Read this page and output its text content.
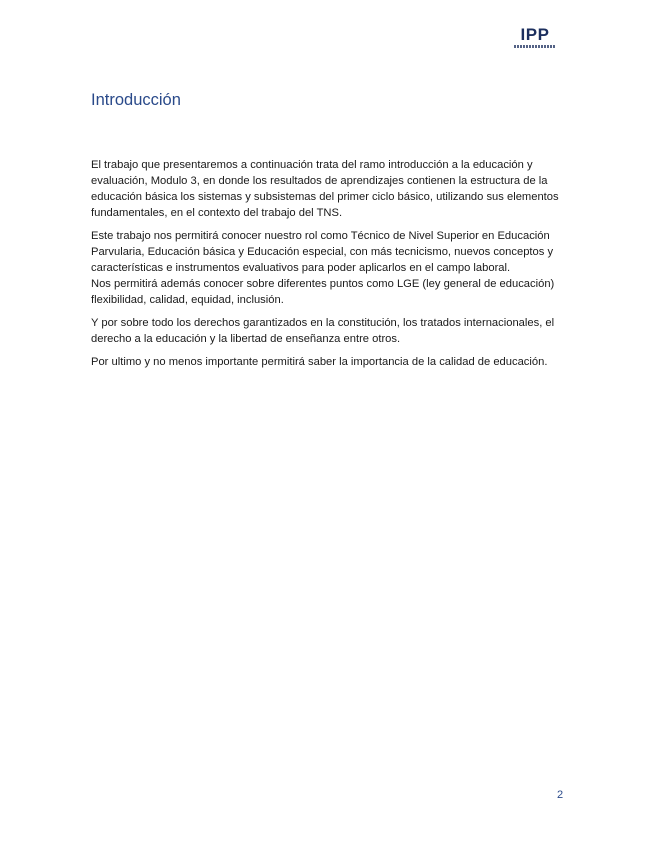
IPP
Introducción

El trabajo que presentaremos a continuación trata del ramo introducción a la educación y evaluación, Modulo 3, en donde los resultados de aprendizajes contienen la estructura de la educación básica los sistemas y subsistemas del primer ciclo básico, utilizando sus elementos fundamentales, en el contexto del trabajo del TNS.

Este trabajo nos permitirá conocer nuestro rol como Técnico de Nivel Superior en Educación Parvularia, Educación básica y Educación especial, con más tecnicismo, nuevos conceptos y características e instrumentos evaluativos para poder aplicarlos en el campo laboral.
Nos permitirá además conocer sobre diferentes puntos como LGE (ley general de educación) flexibilidad, calidad, equidad, inclusión.

Y por sobre todo los derechos garantizados en la constitución, los tratados internacionales, el derecho a la educación y la libertad de enseñanza entre otros.

Por ultimo y no menos importante permitirá saber la importancia de la calidad de educación.

2
